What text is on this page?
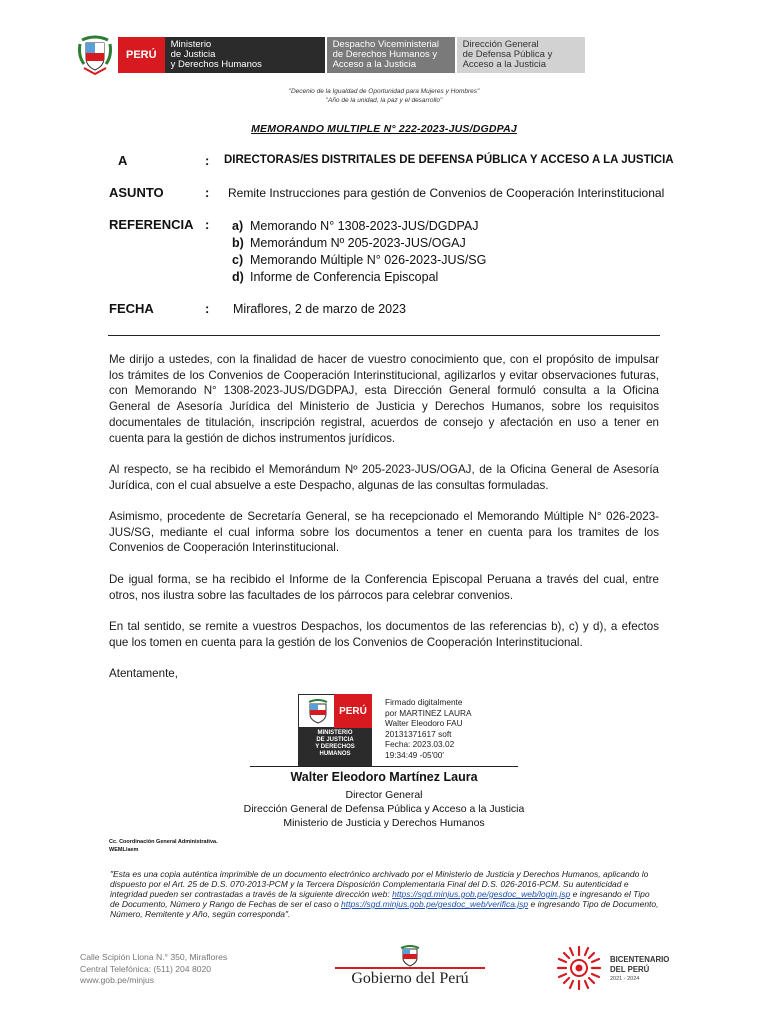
PERÚ
Ministerio
de Justicia
y Derechos Humanos
Despacho Viceministerial
de Derechos Humanos y
Acceso a la Justicia
Dirección General
de Defensa Pública y
Acceso a la Justicia
"Decenio de la Igualdad de Oportunidad para Mujeres y Hombres"
"Año de la unidad, la paz y el desarrollo"
MEMORANDO MULTIPLE N° 222-2023-JUS/DGDPAJ
A	: DIRECTORAS/ES DISTRITALES DE DEFENSA PÚBLICA Y ACCESO A LA JUSTICIA
ASUNTO	: Remite Instrucciones para gestión de Convenios de Cooperación Interinstitucional
REFERENCIA : a) Memorando N° 1308-2023-JUS/DGDPAJ
b) Memorándum Nº 205-2023-JUS/OGAJ
c) Memorando Múltiple N° 026-2023-JUS/SG
d) Informe de Conferencia Episcopal
FECHA	: Miraflores, 2 de marzo de 2023

Me dirijo a ustedes, con la finalidad de hacer de vuestro conocimiento que, con el propósito de impulsar los trámites de los Convenios de Cooperación Interinstitucional, agilizarlos y evitar observaciones futuras, con Memorando N° 1308-2023-JUS/DGDPAJ, esta Dirección General formuló consulta a la Oficina General de Asesoría Jurídica del Ministerio de Justicia y Derechos Humanos, sobre los requisitos documentales de titulación, inscripción registral, acuerdos de consejo y afectación en uso a tener en cuenta para la gestión de dichos instrumentos jurídicos.

Al respecto, se ha recibido el Memorándum Nº 205-2023-JUS/OGAJ, de la Oficina General de Asesoría Jurídica, con el cual absuelve a este Despacho, algunas de las consultas formuladas.

Asimismo, procedente de Secretaría General, se ha recepcionado el Memorando Múltiple N° 026-2023-JUS/SG, mediante el cual informa sobre los documentos a tener en cuenta para los tramites de los Convenios de Cooperación Interinstitucional.

De igual forma, se ha recibido el Informe de la Conferencia Episcopal Peruana a través del cual, entre otros, nos ilustra sobre las facultades de los párrocos para celebrar convenios.

En tal sentido, se remite a vuestros Despachos, los documentos de las referencias b), c) y d), a efectos que los tomen en cuenta para la gestión de los Convenios de Cooperación Interinstitucional.

Atentamente,

PERÚ
MINISTERIO
DE JUSTICIA
Y DERECHOS
HUMANOS
Firmado digitalmente
por MARTINEZ LAURA
Walter Eleodoro FAU
20131371617 soft
Fecha: 2023.03.02
19:34:49 -05'00'
Walter Eleodoro Martínez Laura
Director General
Dirección General de Defensa Pública y Acceso a la Justicia
Ministerio de Justicia y Derechos Humanos
Cc. Coordinación General Administrativa.
WEML/aem
"Esta es una copia auténtica imprimible de un documento electrónico archivado por el Ministerio de Justicia y Derechos Humanos, aplicando lo dispuesto por el Art. 25 de D.S. 070-2013-PCM y la Tercera Disposición Complementaria Final del D.S. 026-2016-PCM. Su autenticidad e integridad pueden ser contrastadas a través de la siguiente dirección web: https://sgd.minjus.gob.pe/gesdoc_web/login.jsp e ingresando el Tipo de Documento, Número y Rango de Fechas de ser el caso o https://sgd.minjus.gob.pe/gesdoc_web/verifica.jsp e ingresando Tipo de Documento, Número, Remitente y Año, según corresponda".
Calle Scipión Llona N.° 350, Miraflores
Central Telefónica: (511) 204 8020
www.gob.pe/minjus	Gobierno del Perú
BICENTENARIO
DEL PERÚ
2021 - 2024
